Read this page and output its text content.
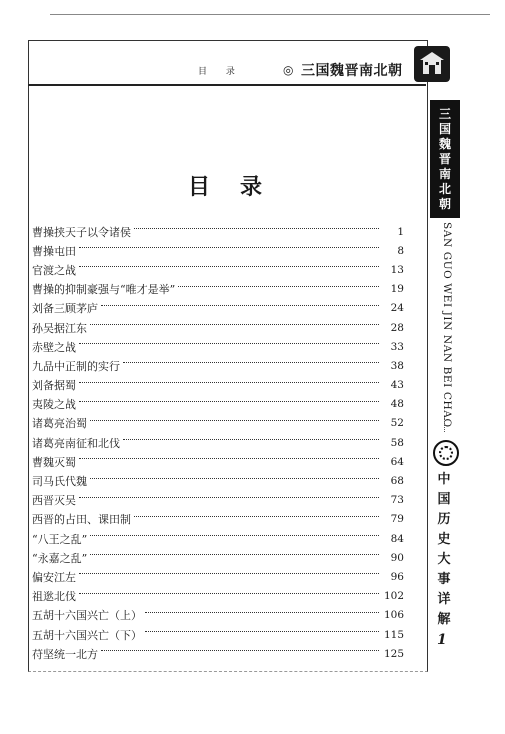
目 录	◎ 三国魏晋南北朝
目录
曹操挟天子以令诸侯	1
曹操屯田	8
官渡之战	13
曹操的抑制豪强与“唯才是举”	19
刘备三顾茅庐	24
孙吴据江东	28
赤壁之战	33
九品中正制的实行	38
刘备据蜀	43
夷陵之战	48
诸葛亮治蜀	52
诸葛亮南征和北伐	58
曹魏灭蜀	64
司马氏代魏	68
西晋灭吴	73
西晋的占田、课田制	79
“八王之乱”	84
“永嘉之乱”	90
偏安江左	96
祖逖北伐	102
五胡十六国兴亡（上）	106
五胡十六国兴亡（下）	115
苻坚统一北方	125
三
国
魏
晋
南
北
朝
SAN GUO WEI JIN NAN BEI CHAO
中
国
历
史
大
事
详
解
1
